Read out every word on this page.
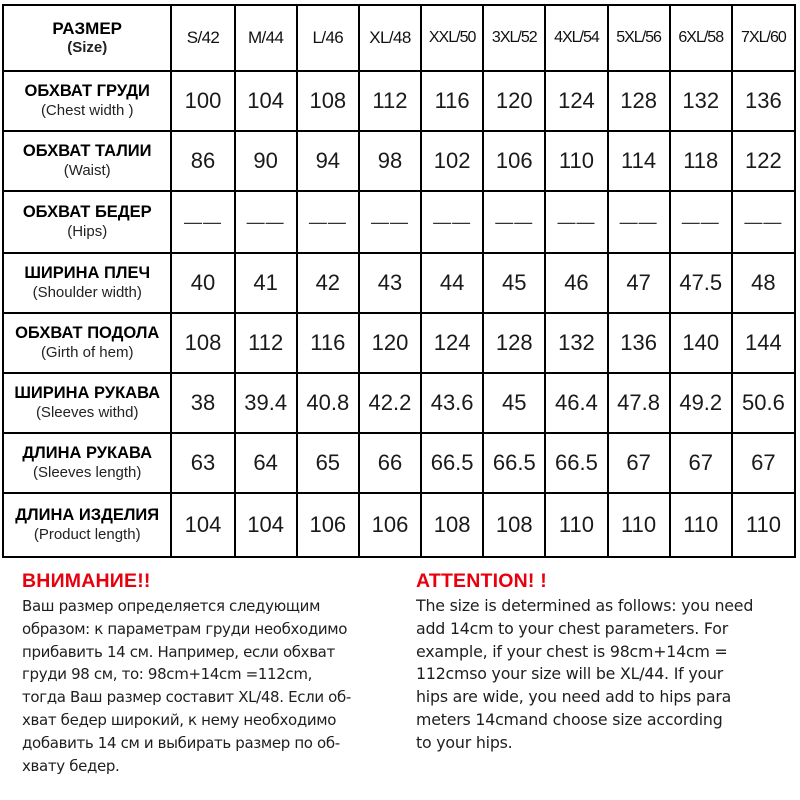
РАЗМЕР
(Size)	S/42	M/44	L/46	XL/48	XXL/50	3XL/52	4XL/54	5XL/56	6XL/58	7XL/60

ОБХВАТ ГРУДИ
(Chest width )	100	104	108	112	116	120	124	128	132	136

ОБХВАТ ТАЛИИ
(Waist)	86	90	94	98	102	106	110	114	118	122

ОБХВАТ БЕДЕР
(Hips)	——	——	——	——	——	——	——	——	——	——

ШИРИНА ПЛЕЧ
(Shoulder width)	40	41	42	43	44	45	46	47	47.5	48

ОБХВАТ ПОДОЛА
(Girth of hem)	108	112	116	120	124	128	132	136	140	144

ШИРИНА РУКАВА
(Sleeves withd)	38	39.4	40.8	42.2	43.6	45	46.4	47.8	49.2	50.6

ДЛИНА РУКАВА
(Sleeves length)	63	64	65	66	66.5	66.5	66.5	67	67	67

ДЛИНА ИЗДЕЛИЯ
(Product length)	104	104	106	106	108	108	110	110	110	110
ВНИМАНИЕ!!
Ваш размер определяется следующим
образом: к параметрам груди необходимо
прибавить 14 см. Например, если обхват
груди 98 см, то: 98cm+14cm =112cm,
тогда Ваш размер составит XL/48. Если об-
хват бедер широкий, к нему необходимо
добавить 14 см и выбирать размер по об-
хвату бедер.
ATTENTION! !
The size is determined as follows: you need
add 14cm to your chest parameters. For
example, if your chest is 98cm+14cm =
112cmso your size will be XL/44. If your
hips are wide, you need add to hips para
meters 14cmand choose size according
to your hips.
